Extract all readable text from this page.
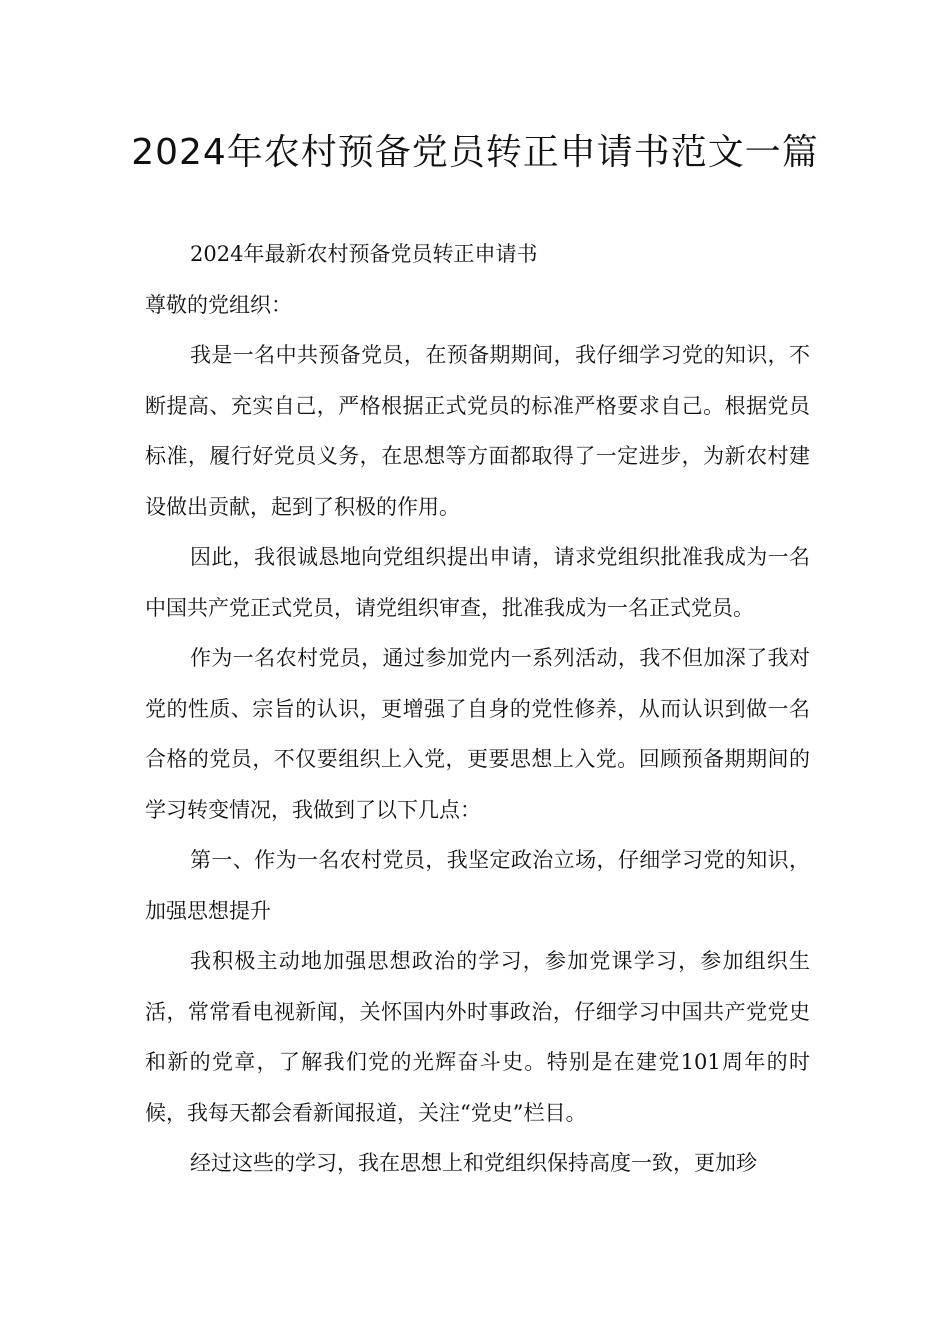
2024年农村预备党员转正申请书范文一篇

2024年最新农村预备党员转正申请书

尊敬的党组织：

我是一名中共预备党员，在预备期期间，我仔细学习党的知识，不断提高、充实自己，严格根据正式党员的标准严格要求自己。根据党员标准，履行好党员义务，在思想等方面都取得了一定进步，为新农村建设做出贡献，起到了积极的作用。

因此，我很诚恳地向党组织提出申请，请求党组织批准我成为一名中国共产党正式党员，请党组织审查，批准我成为一名正式党员。

作为一名农村党员，通过参加党内一系列活动，我不但加深了我对党的性质、宗旨的认识，更增强了自身的党性修养，从而认识到做一名合格的党员，不仅要组织上入党，更要思想上入党。回顾预备期期间的学习转变情况，我做到了以下几点：

第一、作为一名农村党员，我坚定政治立场，仔细学习党的知识，加强思想提升

我积极主动地加强思想政治的学习，参加党课学习，参加组织生活，常常看电视新闻，关怀国内外时事政治，仔细学习中国共产党党史和新的党章，了解我们党的光辉奋斗史。特别是在建党101周年的时候，我每天都会看新闻报道，关注“党史”栏目。

经过这些的学习，我在思想上和党组织保持高度一致，更加珍
